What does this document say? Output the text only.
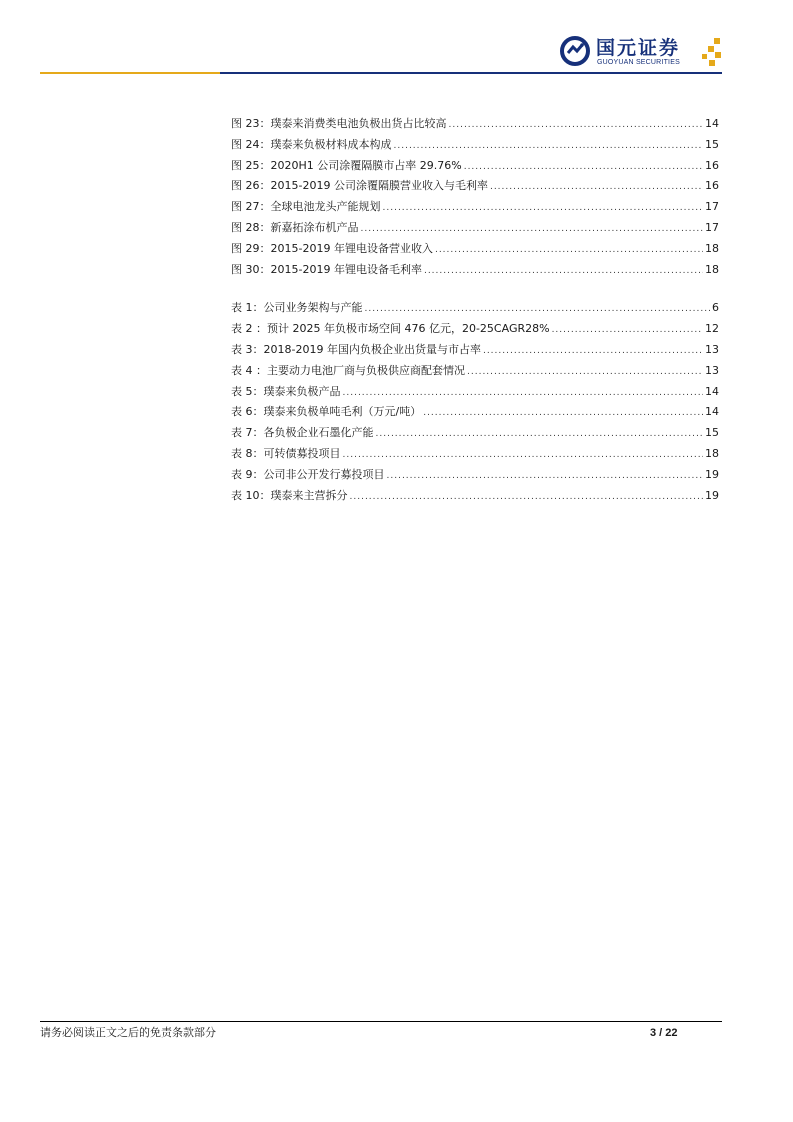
国元证券
GUOYUAN SECURITIES
图 23：璞泰来消费类电池负极出货占比较高 .....	14
图 24：璞泰来负极材料成本构成 .....	15
图 25：2020H1 公司涂覆隔膜市占率 29.76% .....	16
图 26：2015-2019 公司涂覆隔膜营业收入与毛利率 .....	16
图 27：全球电池龙头产能规划 .....	17
图 28：新嘉拓涂布机产品 .....	17
图 29：2015-2019 年锂电设备营业收入 .....	18
图 30：2015-2019 年锂电设备毛利率 .....	18
表 1：公司业务架构与产能 .....	6
表 2 ：预计 2025 年负极市场空间 476 亿元，20-25CAGR28% .....	12
表 3：2018-2019 年国内负极企业出货量与市占率 .....	13
表 4 ：主要动力电池厂商与负极供应商配套情况 .....	13
表 5：璞泰来负极产品 .....	14
表 6：璞泰来负极单吨毛利（万元/吨） .....	14
表 7：各负极企业石墨化产能 .....	15
表 8：可转债募投项目 .....	18
表 9：公司非公开发行募投项目 .....	19
表 10：璞泰来主营拆分 .....	19
请务必阅读正文之后的免责条款部分	3 / 22
